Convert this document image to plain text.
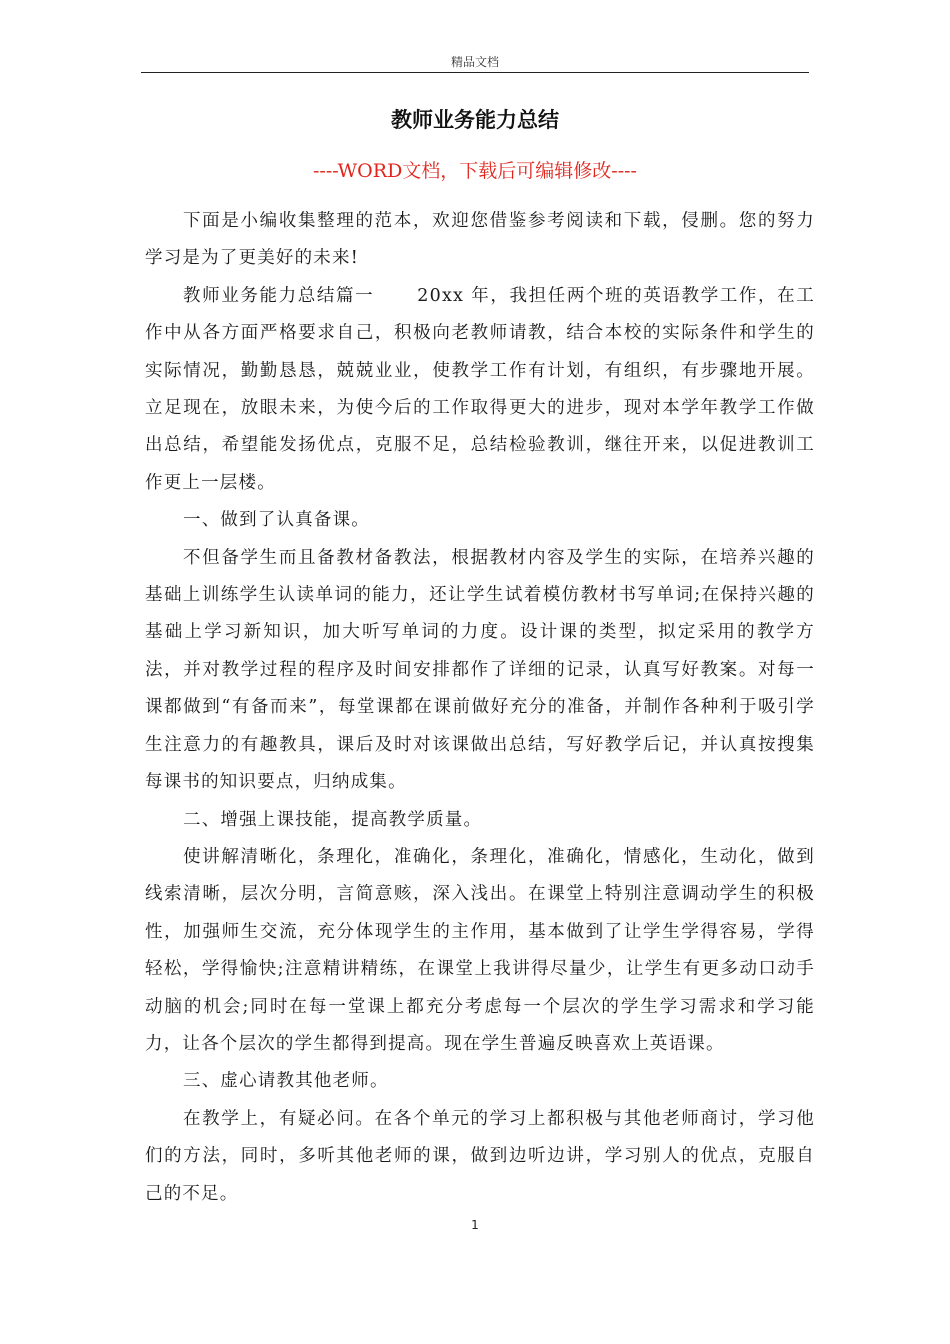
精品文档
教师业务能力总结
----WORD文档，下载后可编辑修改----

下面是小编收集整理的范本，欢迎您借鉴参考阅读和下载，侵删。您的努力学习是为了更美好的未来!

教师业务能力总结篇一      20xx 年，我担任两个班的英语教学工作，在工作中从各方面严格要求自己，积极向老教师请教，结合本校的实际条件和学生的实际情况，勤勤恳恳，兢兢业业，使教学工作有计划，有组织，有步骤地开展。立足现在，放眼未来，为使今后的工作取得更大的进步，现对本学年教学工作做出总结，希望能发扬优点，克服不足，总结检验教训，继往开来，以促进教训工作更上一层楼。

一、做到了认真备课。

不但备学生而且备教材备教法，根据教材内容及学生的实际，在培养兴趣的基础上训练学生认读单词的能力，还让学生试着模仿教材书写单词;在保持兴趣的基础上学习新知识，加大听写单词的力度。设计课的类型，拟定采用的教学方法，并对教学过程的程序及时间安排都作了详细的记录，认真写好教案。对每一课都做到“有备而来”，每堂课都在课前做好充分的准备，并制作各种利于吸引学生注意力的有趣教具，课后及时对该课做出总结，写好教学后记，并认真按搜集每课书的知识要点，归纳成集。

二、增强上课技能，提高教学质量。

使讲解清晰化，条理化，准确化，条理化，准确化，情感化，生动化，做到线索清晰，层次分明，言简意赅，深入浅出。在课堂上特别注意调动学生的积极性，加强师生交流，充分体现学生的主作用，基本做到了让学生学得容易，学得轻松，学得愉快;注意精讲精练，在课堂上我讲得尽量少，让学生有更多动口动手动脑的机会;同时在每一堂课上都充分考虑每一个层次的学生学习需求和学习能力，让各个层次的学生都得到提高。现在学生普遍反映喜欢上英语课。

三、虚心请教其他老师。

在教学上，有疑必问。在各个单元的学习上都积极与其他老师商讨，学习他们的方法，同时，多听其他老师的课，做到边听边讲，学习别人的优点，克服自己的不足。

1
